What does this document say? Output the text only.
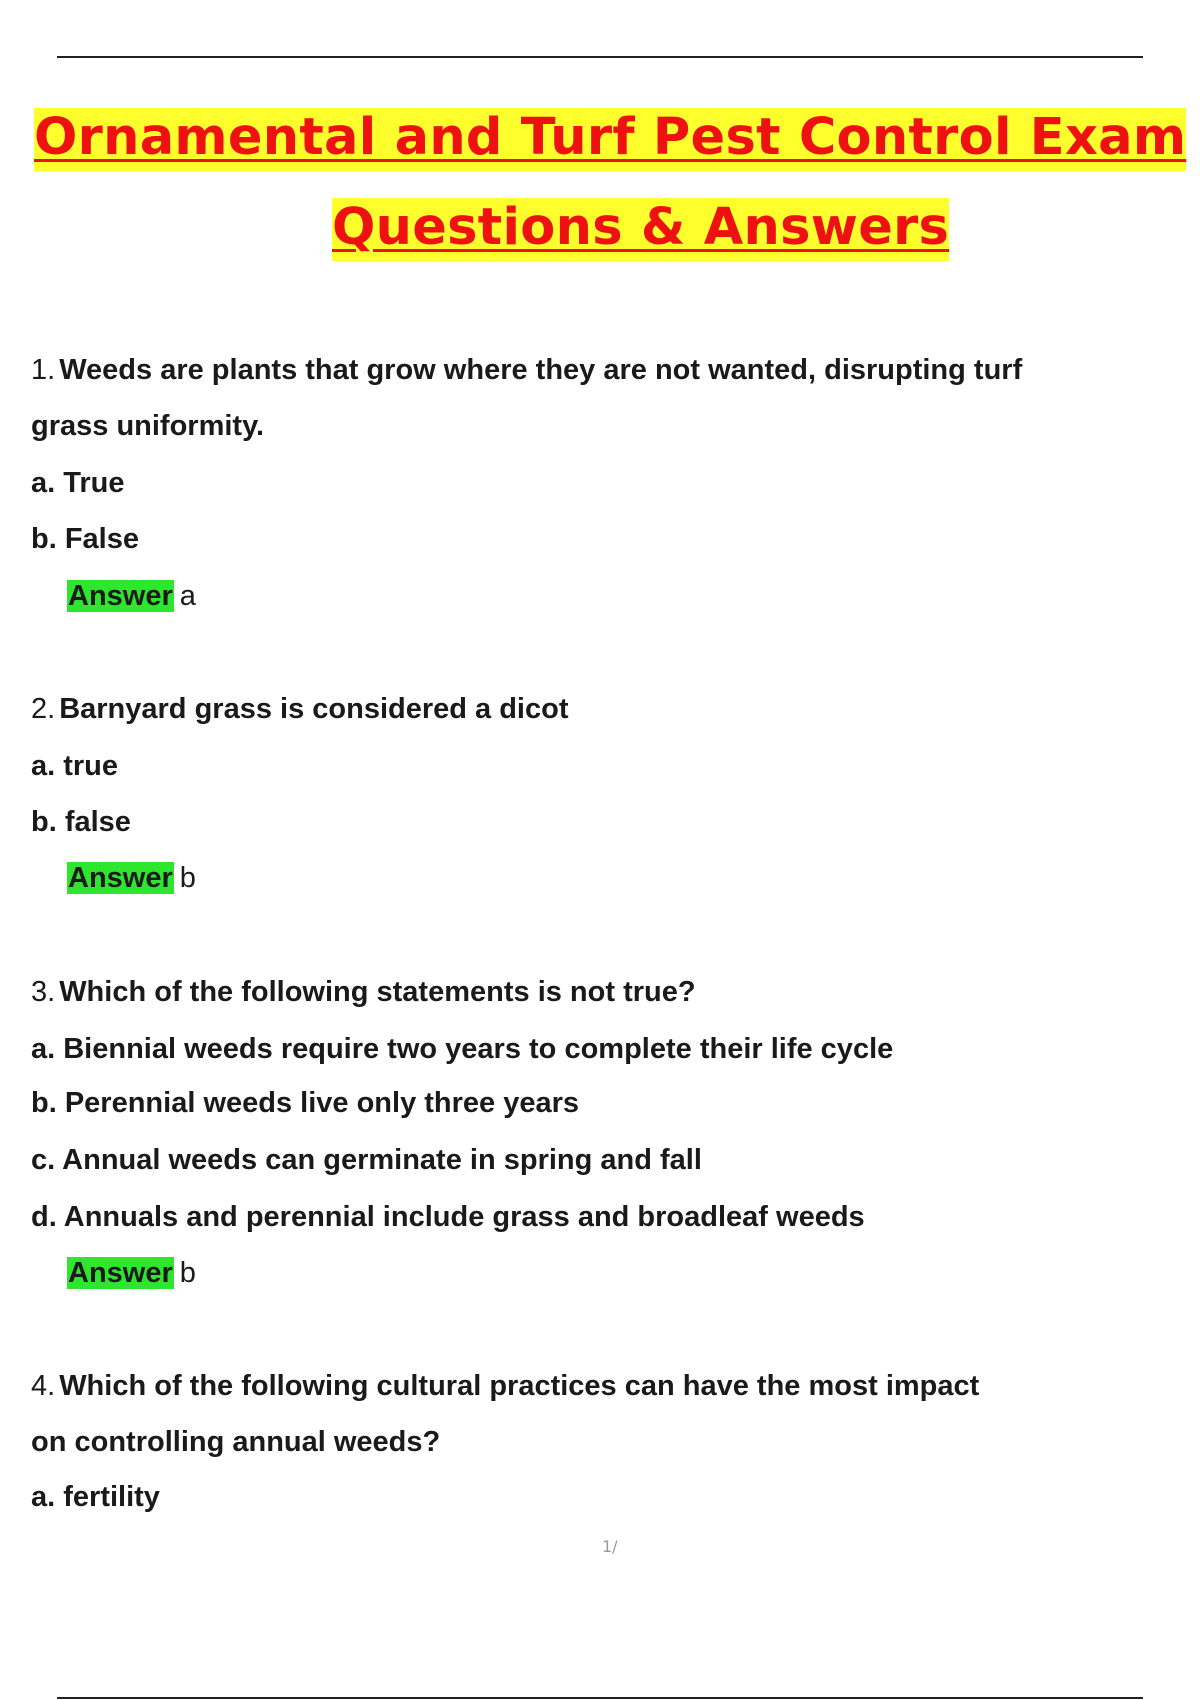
Ornamental and Turf Pest Control Exam
Questions & Answers
1. Weeds are plants that grow where they are not wanted, disrupting turf
grass uniformity.
a. True
b. False
Answer a
2. Barnyard grass is considered a dicot
a. true
b. false
Answer b
3. Which of the following statements is not true?
a. Biennial weeds require two years to complete their life cycle
b. Perennial weeds live only three years
c. Annual weeds can germinate in spring and fall
d. Annuals and perennial include grass and broadleaf weeds
Answer b
4. Which of the following cultural practices can have the most impact
on controlling annual weeds?
a. fertility
1/
